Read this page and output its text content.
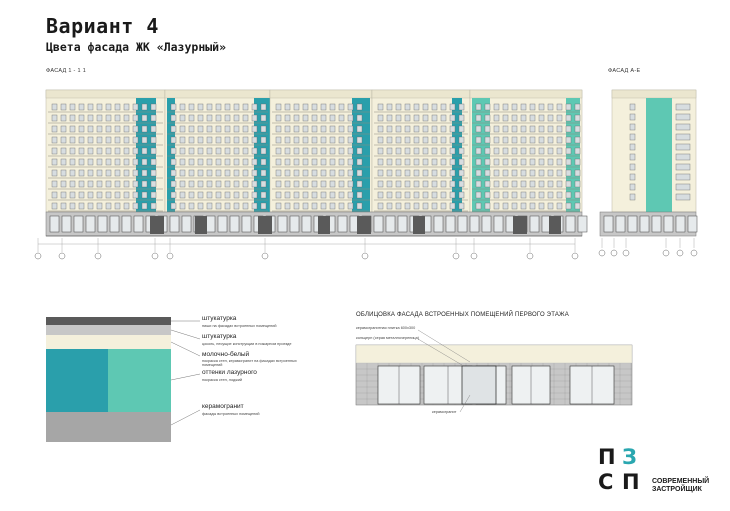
Вариант 4
Цвета фасада ЖК «Лазурный»
ФАСАД 1 - 1 1	ФАСАД А-Е
штукатурка
ниши на фасадах встроенных помещений
штукатурка
цоколь, несущие конструкции в пожарном проезде
молочно-белый
покраска стен, керамогранит на фасадах встроенных помещений
оттенки лазурного
покраска стен, лоджий
керамогранит
фасады встроенных помещений
ОБЛИЦОВКА ФАСАДА ВСТРОЕННЫХ ПОМЕЩЕНИЙ ПЕРВОГО ЭТАЖА
керамогранитная плитка 600х300
кольцерн (серая металлочерепица)
керамогранит
П З
С П СОВРЕМЕННЫЙ
ЗАСТРОЙЩИК
